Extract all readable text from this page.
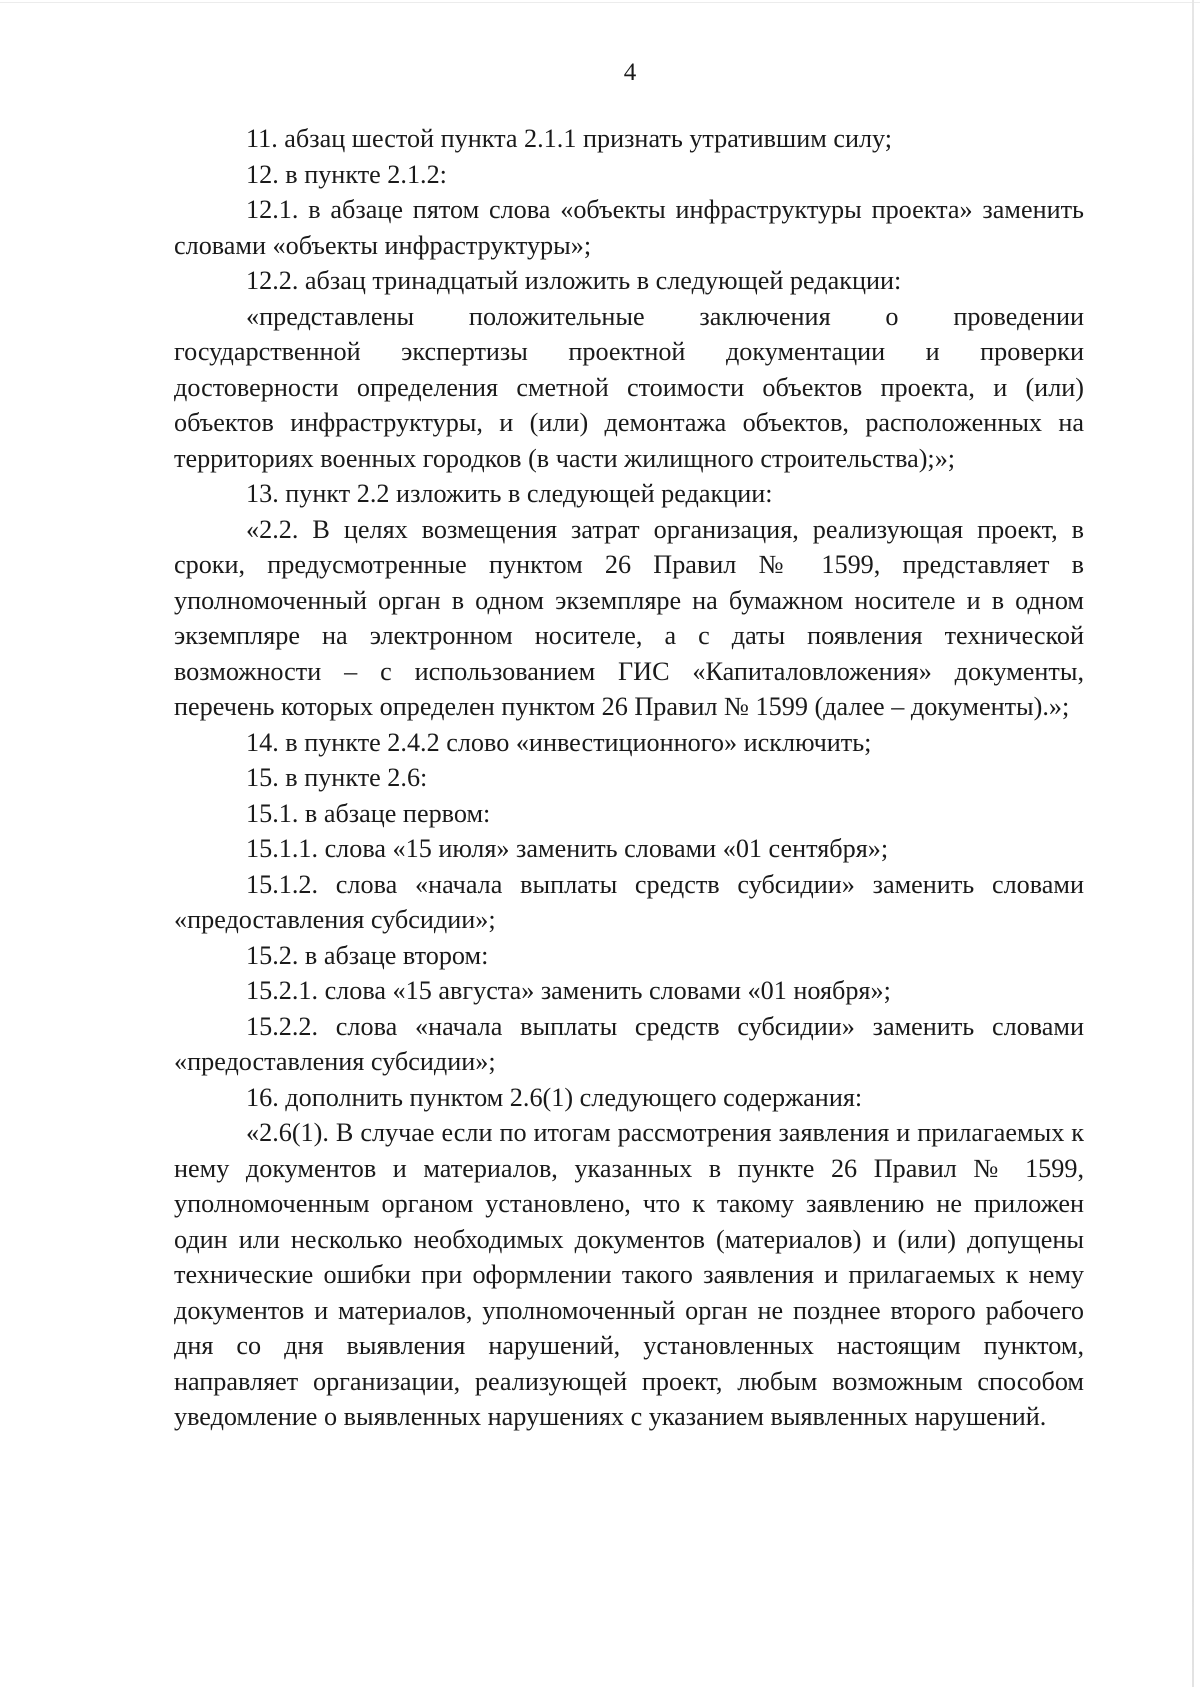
4

11. абзац шестой пункта 2.1.1 признать утратившим силу;

12. в пункте 2.1.2:

12.1. в абзаце пятом слова «объекты инфраструктуры проекта» заменить словами «объекты инфраструктуры»;

12.2. абзац тринадцатый изложить в следующей редакции:

«представлены положительные заключения о проведении государственной экспертизы проектной документации и проверки достоверности определения сметной стоимости объектов проекта, и (или) объектов инфраструктуры, и (или) демонтажа объектов, расположенных на территориях военных городков (в части жилищного строительства);»;

13. пункт 2.2 изложить в следующей редакции:

«2.2. В целях возмещения затрат организация, реализующая проект, в сроки, предусмотренные пунктом 26 Правил № 1599, представляет в уполномоченный орган в одном экземпляре на бумажном носителе и в одном экземпляре на электронном носителе, а с даты появления технической возможности – с использованием ГИС «Капиталовложения» документы, перечень которых определен пунктом 26 Правил № 1599 (далее – документы).»;

14. в пункте 2.4.2 слово «инвестиционного» исключить;

15. в пункте 2.6:

15.1. в абзаце первом:

15.1.1. слова «15 июля» заменить словами «01 сентября»;

15.1.2. слова «начала выплаты средств субсидии» заменить словами «предоставления субсидии»;

15.2. в абзаце втором:

15.2.1. слова «15 августа» заменить словами «01 ноября»;

15.2.2. слова «начала выплаты средств субсидии» заменить словами «предоставления субсидии»;

16. дополнить пунктом 2.6(1) следующего содержания:

«2.6(1). В случае если по итогам рассмотрения заявления и прилагаемых к нему документов и материалов, указанных в пункте 26 Правил № 1599, уполномоченным органом установлено, что к такому заявлению не приложен один или несколько необходимых документов (материалов) и (или) допущены технические ошибки при оформлении такого заявления и прилагаемых к нему документов и материалов, уполномоченный орган не позднее второго рабочего дня со дня выявления нарушений, установленных настоящим пунктом, направляет организации, реализующей проект, любым возможным способом уведомление о выявленных нарушениях с указанием выявленных нарушений.
